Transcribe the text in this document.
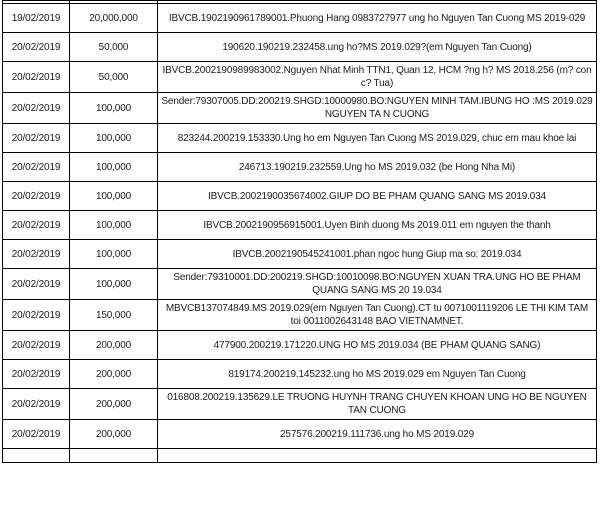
19/02/2019	20,000,000	IBVCB.1902190961789001.Phuong Hang 0983727977 ung ho Nguyen Tan Cuong MS 2019-029
20/02/2019	50,000	190620.190219.232458.ung ho?MS 2019.029?(em Nguyen Tan Cuong)
20/02/2019	50,000	IBVCB.2002190989983002.Nguyen Nhat Minh TTN1, Quan 12, HCM ?ng h? MS 2018.256 (m? con c? Tua)
20/02/2019	100,000	Sender:79307005.DD:200219.SHGD:10000980.BO:NGUYEN MINH TAM.IBUNG HO :MS 2019.029 NGUYEN TA N CUONG
20/02/2019	100,000	823244.200219.153330.Ung ho em Nguyen Tan Cuong MS 2019.029, chuc em mau khoe lai
20/02/2019	100,000	246713.190219.232559.Ung ho MS 2019.032 (be Hong Nha Mi)
20/02/2019	100,000	IBVCB.2002190035674002.GIUP DO BE PHAM QUANG SANG MS 2019.034
20/02/2019	100,000	IBVCB.2002190956915001.Uyen Binh duong Ms 2019.011 em nguyen the thanh
20/02/2019	100,000	IBVCB.2002190545241001.phan ngoc hung Giup ma so: 2019.034
20/02/2019	100,000	Sender:79310001.DD:200219.SHGD:10010098.BO:NGUYEN XUAN TRA.UNG HO BE PHAM QUANG SANG MS 20 19.034
20/02/2019	150,000	MBVCB137074849.MS 2019.029(em Nguyen Tan Cuong).CT tu 0071001119206 LE THI KIM TAM toi 0011002643148 BAO VIETNAMNET.
20/02/2019	200,000	477900.200219.171220.UNG HO MS 2019.034 (BE PHAM QUANG SANG)
20/02/2019	200,000	819174.200219.145232.ung ho MS 2019.029 em Nguyen Tan Cuong
20/02/2019	200,000	016808.200219.135629.LE TRUONG HUYNH TRANG CHUYEN KHOAN UNG HO BE NGUYEN TAN CUONG
20/02/2019	200,000	257576.200219.111736.ung ho MS 2019.029
